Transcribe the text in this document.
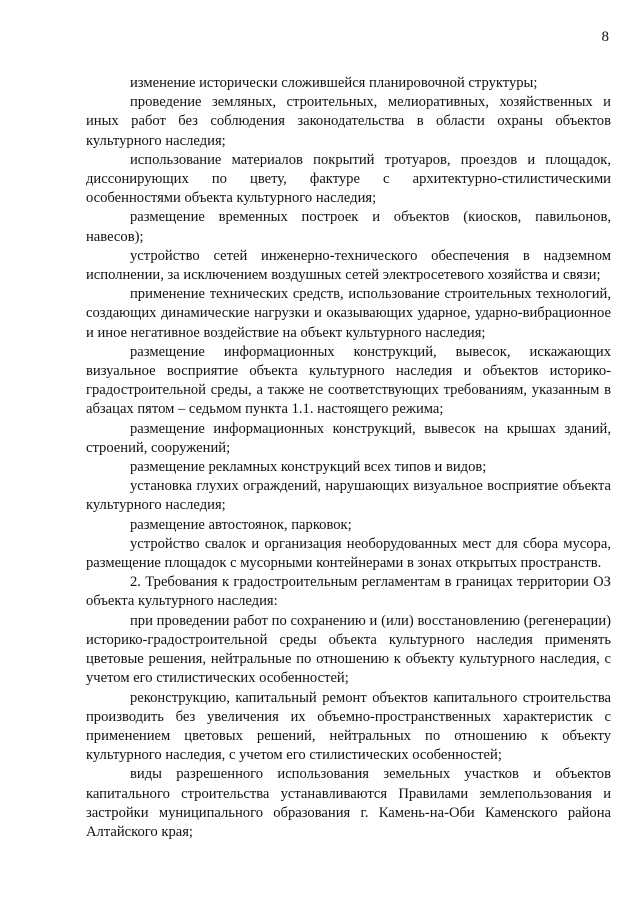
8

изменение исторически сложившейся планировочной структуры;

проведение земляных, строительных, мелиоративных, хозяйственных и иных работ без соблюдения законодательства в области охраны объектов культурного наследия;

использование материалов покрытий тротуаров, проездов и площадок, диссонирующих по цвету, фактуре с архитектурно-стилистическими особенностями объекта культурного наследия;

размещение временных построек и объектов (киосков, павильонов, навесов);

устройство сетей инженерно-технического обеспечения в надземном исполнении, за исключением воздушных сетей электросетевого хозяйства и связи;

применение технических средств, использование строительных технологий, создающих динамические нагрузки и оказывающих ударное, ударно-вибрационное и иное негативное воздействие на объект культурного наследия;

размещение информационных конструкций, вывесок, искажающих визуальное восприятие объекта культурного наследия и объектов историко-градостроительной среды, а также не соответствующих требованиям, указанным в абзацах пятом – седьмом пункта 1.1. настоящего режима;

размещение информационных конструкций, вывесок на крышах зданий, строений, сооружений;

размещение рекламных конструкций всех типов и видов;

установка глухих ограждений, нарушающих визуальное восприятие объекта культурного наследия;

размещение автостоянок, парковок;

устройство свалок и организация необорудованных мест для сбора мусора, размещение площадок с мусорными контейнерами в зонах открытых пространств.

2. Требования к градостроительным регламентам в границах территории ОЗ объекта культурного наследия:

при проведении работ по сохранению и (или) восстановлению (регенерации) историко-градостроительной среды объекта культурного наследия применять цветовые решения, нейтральные по отношению к объекту культурного наследия, с учетом его стилистических особенностей;

реконструкцию, капитальный ремонт объектов капитального строительства производить без увеличения их объемно-пространственных характеристик с применением цветовых решений, нейтральных по отношению к объекту культурного наследия, с учетом его стилистических особенностей;

виды разрешенного использования земельных участков и объектов капитального строительства устанавливаются Правилами землепользования и застройки муниципального образования г. Камень-на-Оби Каменского района Алтайского края;
